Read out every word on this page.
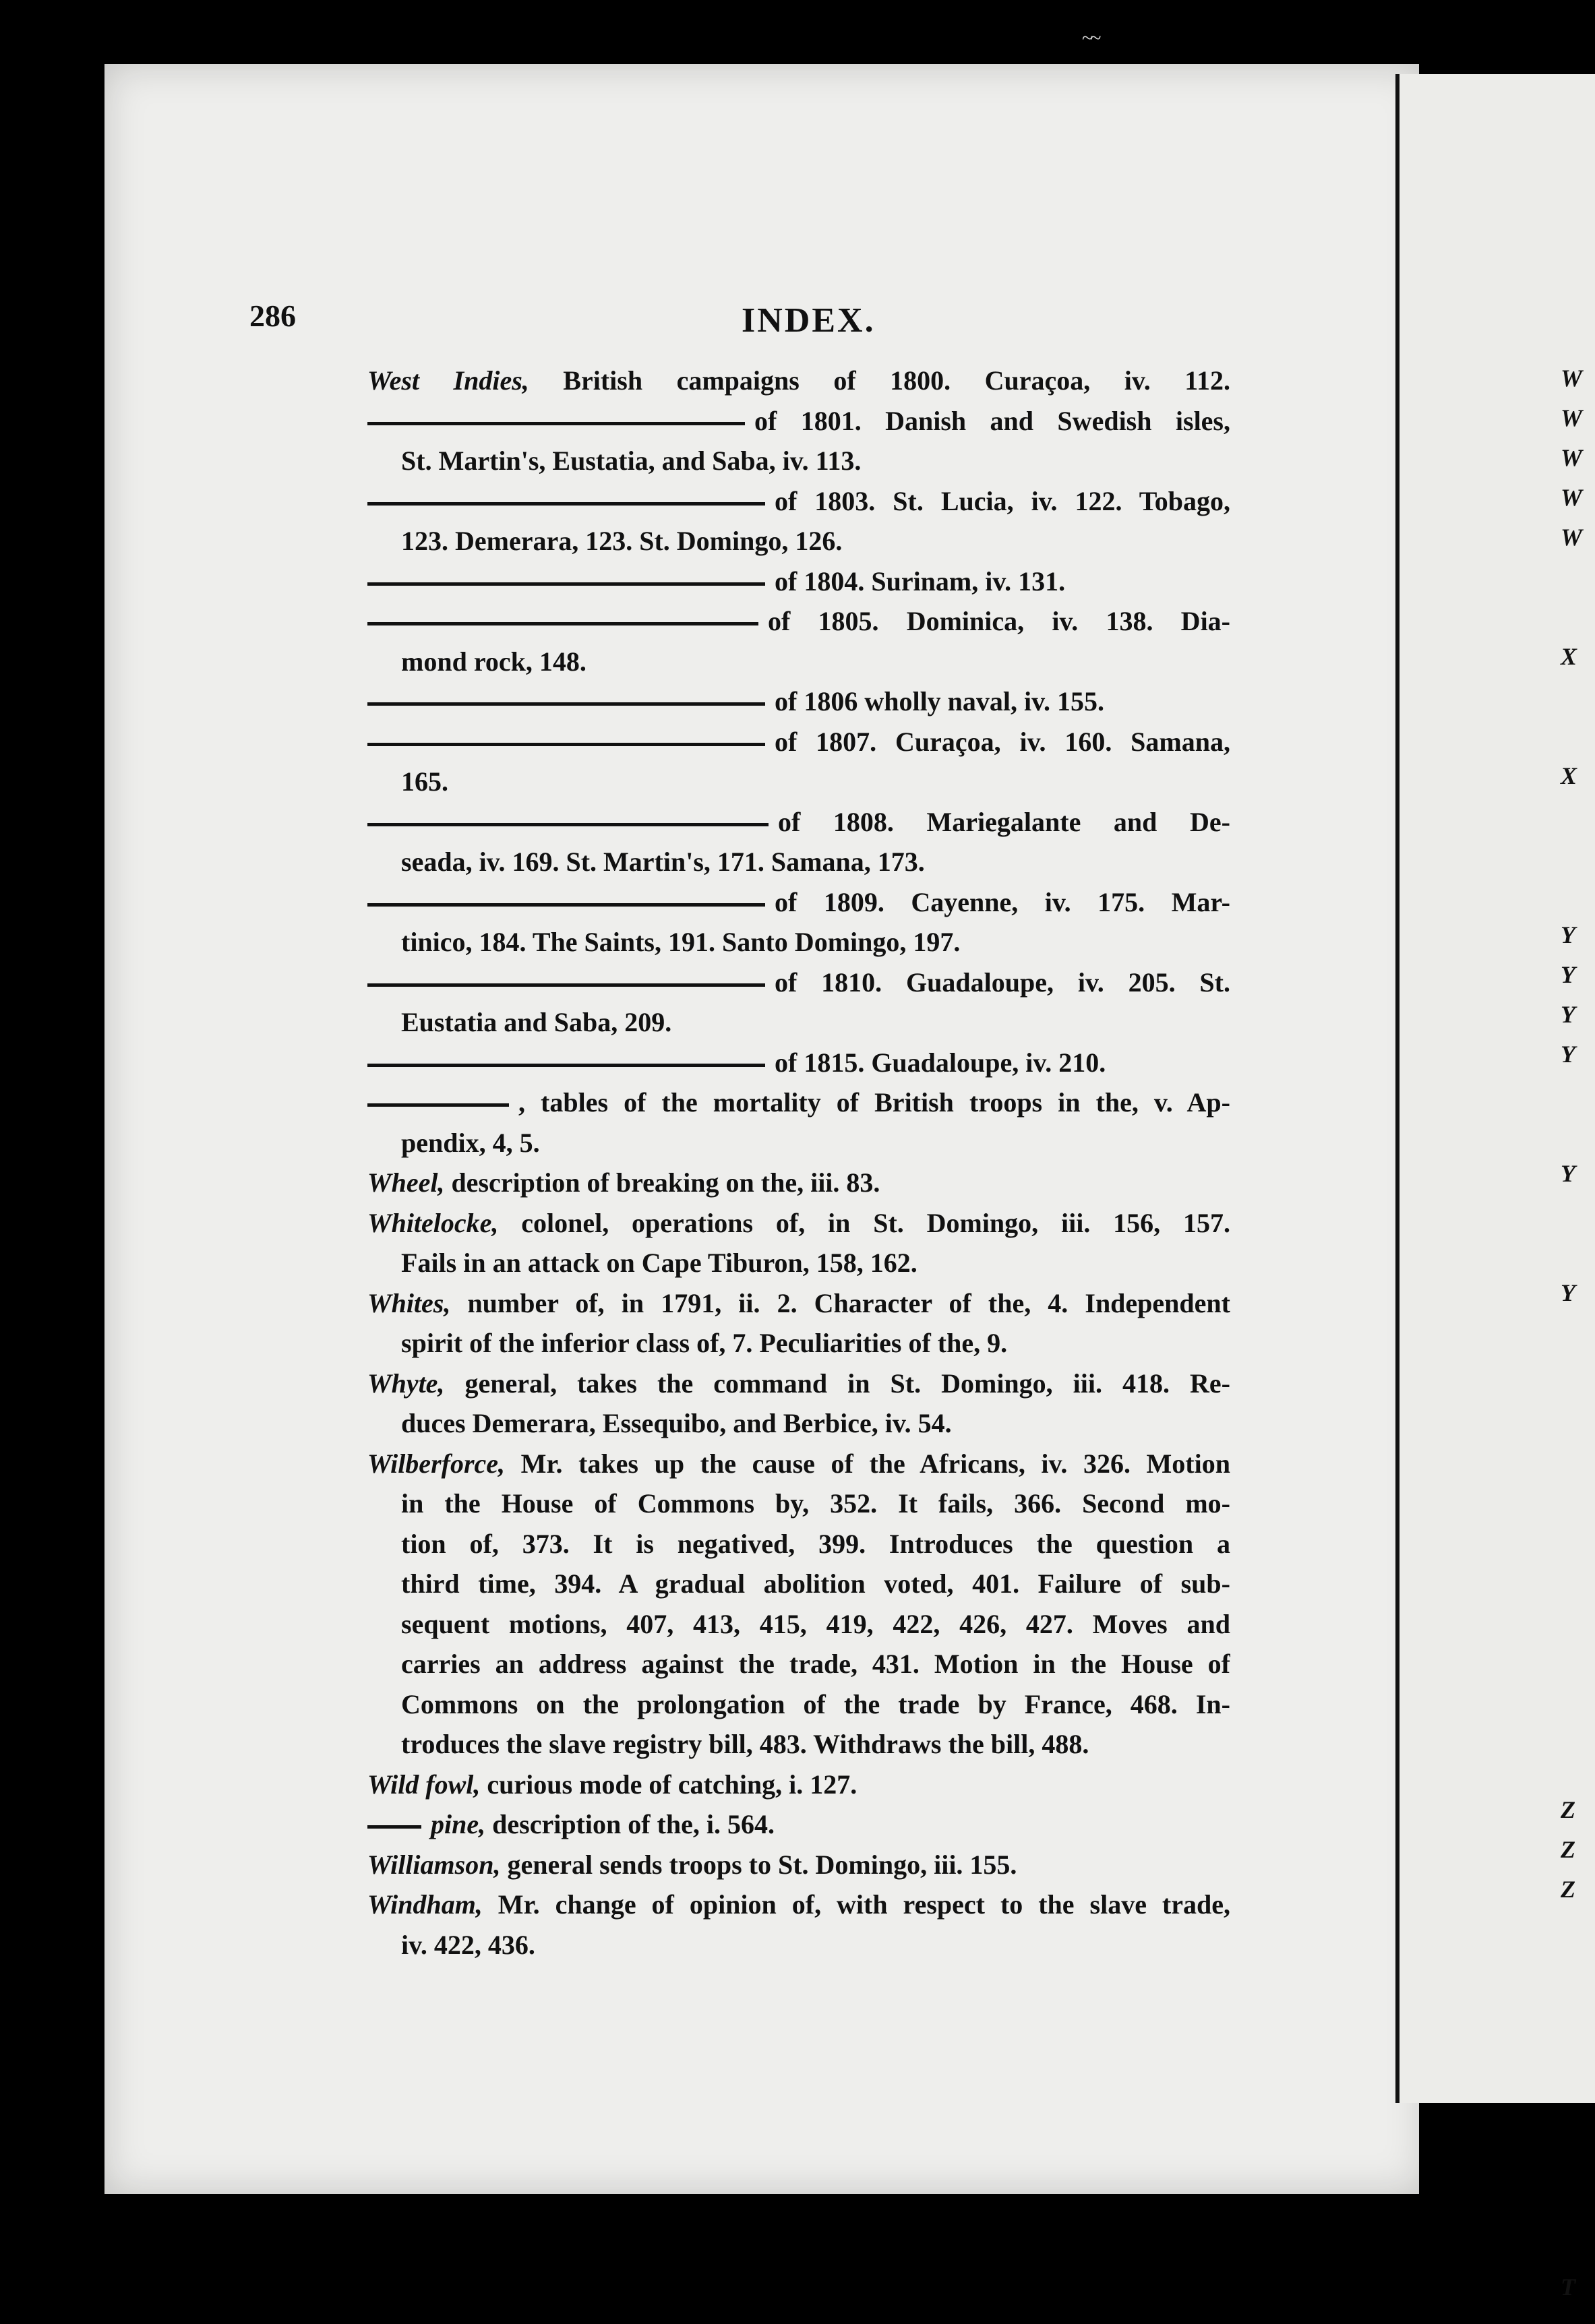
~~
286	INDEX.
West Indies, British campaigns of 1800. Curaçoa, iv. 112.
of 1801. Danish and Swedish isles,
St. Martin's, Eustatia, and Saba, iv. 113.
of 1803. St. Lucia, iv. 122. Tobago,
123. Demerara, 123. St. Domingo, 126.
of 1804. Surinam, iv. 131.
of 1805. Dominica, iv. 138. Dia-
mond rock, 148.
of 1806 wholly naval, iv. 155.
of 1807. Curaçoa, iv. 160. Samana,
165.
of 1808. Mariegalante and De-
seada, iv. 169. St. Martin's, 171. Samana, 173.
of 1809. Cayenne, iv. 175. Mar-
tinico, 184. The Saints, 191. Santo Domingo, 197.
of 1810. Guadaloupe, iv. 205. St.
Eustatia and Saba, 209.
of 1815. Guadaloupe, iv. 210.
, tables of the mortality of British troops in the, v. Ap-
pendix, 4, 5.
Wheel, description of breaking on the, iii. 83.
Whitelocke, colonel, operations of, in St. Domingo, iii. 156, 157.
Fails in an attack on Cape Tiburon, 158, 162.
Whites, number of, in 1791, ii. 2. Character of the, 4. Independent
spirit of the inferior class of, 7. Peculiarities of the, 9.
Whyte, general, takes the command in St. Domingo, iii. 418. Re-
duces Demerara, Essequibo, and Berbice, iv. 54.
Wilberforce, Mr. takes up the cause of the Africans, iv. 326. Motion
in the House of Commons by, 352. It fails, 366. Second mo-
tion of, 373. It is negatived, 399. Introduces the question a
third time, 394. A gradual abolition voted, 401. Failure of sub-
sequent motions, 407, 413, 415, 419, 422, 426, 427. Moves and
carries an address against the trade, 431. Motion in the House of
Commons on the prolongation of the trade by France, 468. In-
troduces the slave registry bill, 483. Withdraws the bill, 488.
Wild fowl, curious mode of catching, i. 127.
pine, description of the, i. 564.
Williamson, general sends troops to St. Domingo, iii. 155.
Windham, Mr. change of opinion of, with respect to the slave trade,
iv. 422, 436.
W
W
W
W
W
X
X
Y
Y
Y
Y
Y
Y
Z
Z
Z
T
